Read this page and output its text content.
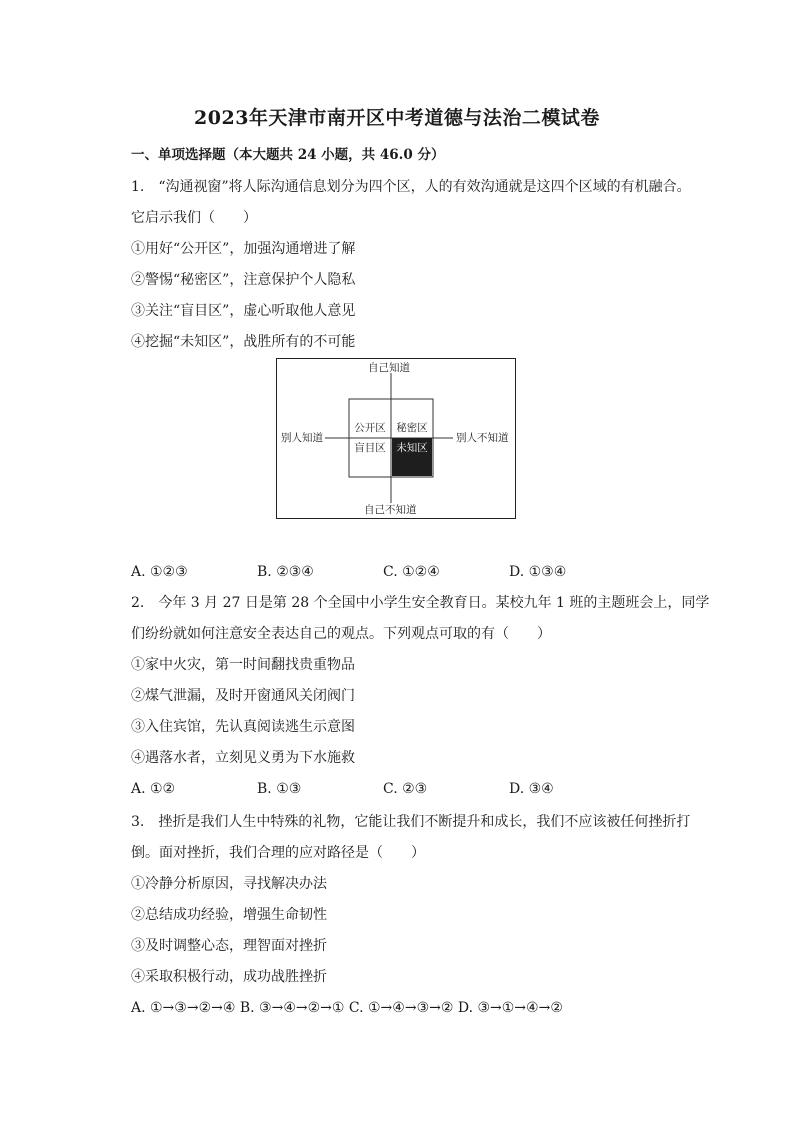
2023年天津市南开区中考道德与法治二模试卷
一、单项选择题（本大题共 24 小题，共 46.0 分）
1.　“沟通视窗”将人际沟通信息划分为四个区，人的有效沟通就是这四个区域的有机融合。
它启示我们（　　）
①用好“公开区”，加强沟通增进了解
②警惕“秘密区”，注意保护个人隐私
③关注“盲目区”，虚心听取他人意见
④挖掘“未知区”，战胜所有的不可能
自己知道
自己不知道
别人知道	别人不知道
公开区	秘密区
盲目区	未知区
A. ①②③	B. ②③④	C. ①②④	D. ①③④
2.　今年 3 月 27 日是第 28 个全国中小学生安全教育日。某校九年 1 班的主题班会上，同学
们纷纷就如何注意安全表达自己的观点。下列观点可取的有（　　）
①家中火灾，第一时间翻找贵重物品
②煤气泄漏，及时开窗通风关闭阀门
③入住宾馆，先认真阅读逃生示意图
④遇落水者，立刻见义勇为下水施救
A. ①②	B. ①③	C. ②③	D. ③④
3.　挫折是我们人生中特殊的礼物，它能让我们不断提升和成长，我们不应该被任何挫折打
倒。面对挫折，我们合理的应对路径是（　　）
①冷静分析原因，寻找解决办法
②总结成功经验，增强生命韧性
③及时调整心态，理智面对挫折
④采取积极行动，成功战胜挫折
A. ①→③→②→④ B. ③→④→②→① C. ①→④→③→② D. ③→①→④→②
